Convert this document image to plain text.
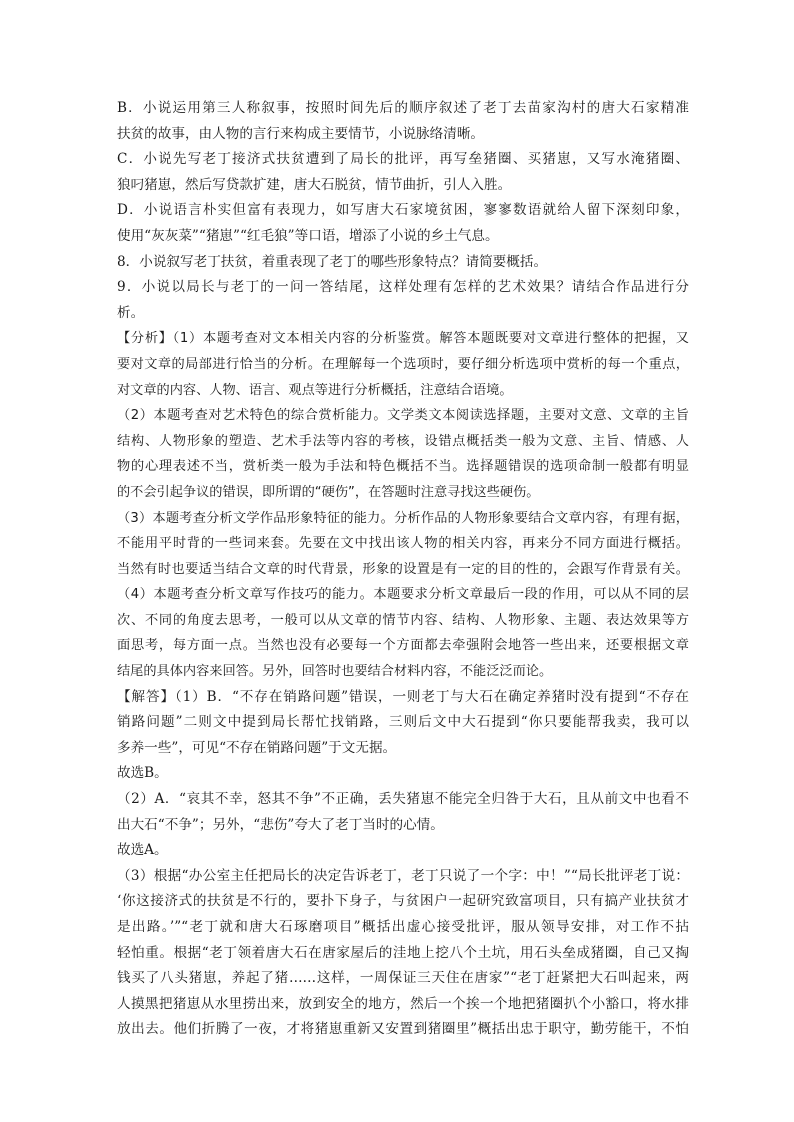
B．小说运用第三人称叙事，按照时间先后的顺序叙述了老丁去苗家沟村的唐大石家精准
扶贫的故事，由人物的言行来构成主要情节，小说脉络清晰。
C．小说先写老丁接济式扶贫遭到了局长的批评，再写垒猪圈、买猪崽，又写水淹猪圈、
狼叼猪崽，然后写贷款扩建，唐大石脱贫，情节曲折，引人入胜。
D．小说语言朴实但富有表现力，如写唐大石家境贫困，寥寥数语就给人留下深刻印象，
使用“灰灰菜”“猪崽”“红毛狼”等口语，增添了小说的乡土气息。
8．小说叙写老丁扶贫，着重表现了老丁的哪些形象特点？请简要概括。
9．小说以局长与老丁的一问一答结尾，这样处理有怎样的艺术效果？请结合作品进行分
析。
【分析】（1）本题考查对文本相关内容的分析鉴赏。解答本题既要对文章进行整体的把握，又
要对文章的局部进行恰当的分析。在理解每一个选项时，要仔细分析选项中赏析的每一个重点，
对文章的内容、人物、语言、观点等进行分析概括，注意结合语境。
（2）本题考查对艺术特色的综合赏析能力。文学类文本阅读选择题，主要对文意、文章的主旨
结构、人物形象的塑造、艺术手法等内容的考核，设错点概括类一般为文意、主旨、情感、人
物的心理表述不当，赏析类一般为手法和特色概括不当。选择题错误的选项命制一般都有明显
的不会引起争议的错误，即所谓的“硬伤”，在答题时注意寻找这些硬伤。
（3）本题考查分析文学作品形象特征的能力。分析作品的人物形象要结合文章内容，有理有据，
不能用平时背的一些词来套。先要在文中找出该人物的相关内容，再来分不同方面进行概括。
当然有时也要适当结合文章的时代背景，形象的设置是有一定的目的性的，会跟写作背景有关。
（4）本题考查分析文章写作技巧的能力。本题要求分析文章最后一段的作用，可以从不同的层
次、不同的角度去思考，一般可以从文章的情节内容、结构、人物形象、主题、表达效果等方
面思考，每方面一点。当然也没有必要每一个方面都去牵强附会地答一些出来，还要根据文章
结尾的具体内容来回答。另外，回答时也要结合材料内容，不能泛泛而论。
【解答】（1）B．“不存在销路问题”错误，一则老丁与大石在确定养猪时没有提到“不存在
销路问题”二则文中提到局长帮忙找销路，三则后文中大石提到“你只要能帮我卖，我可以
多养一些”，可见“不存在销路问题”于文无据。
故选B。
（2）A．“哀其不幸，怒其不争”不正确，丢失猪崽不能完全归咎于大石，且从前文中也看不
出大石“不争”；另外，“悲伤”夸大了老丁当时的心情。
故选A。
（3）根据“办公室主任把局长的决定告诉老丁，老丁只说了一个字：中！”“局长批评老丁说：
‘你这接济式的扶贫是不行的，要扑下身子，与贫困户一起研究致富项目，只有搞产业扶贫才
是出路。’”“老丁就和唐大石琢磨项目”概括出虚心接受批评，服从领导安排，对工作不拈
轻怕重。根据“老丁领着唐大石在唐家屋后的洼地上挖八个土坑，用石头垒成猪圈，自己又掏
钱买了八头猪崽，养起了猪……这样，一周保证三天住在唐家”“老丁赶紧把大石叫起来，两
人摸黑把猪崽从水里捞出来，放到安全的地方，然后一个挨一个地把猪圈扒个小豁口，将水排
放出去。他们折腾了一夜，才将猪崽重新又安置到猪圈里”概括出忠于职守，勤劳能干，不怕
